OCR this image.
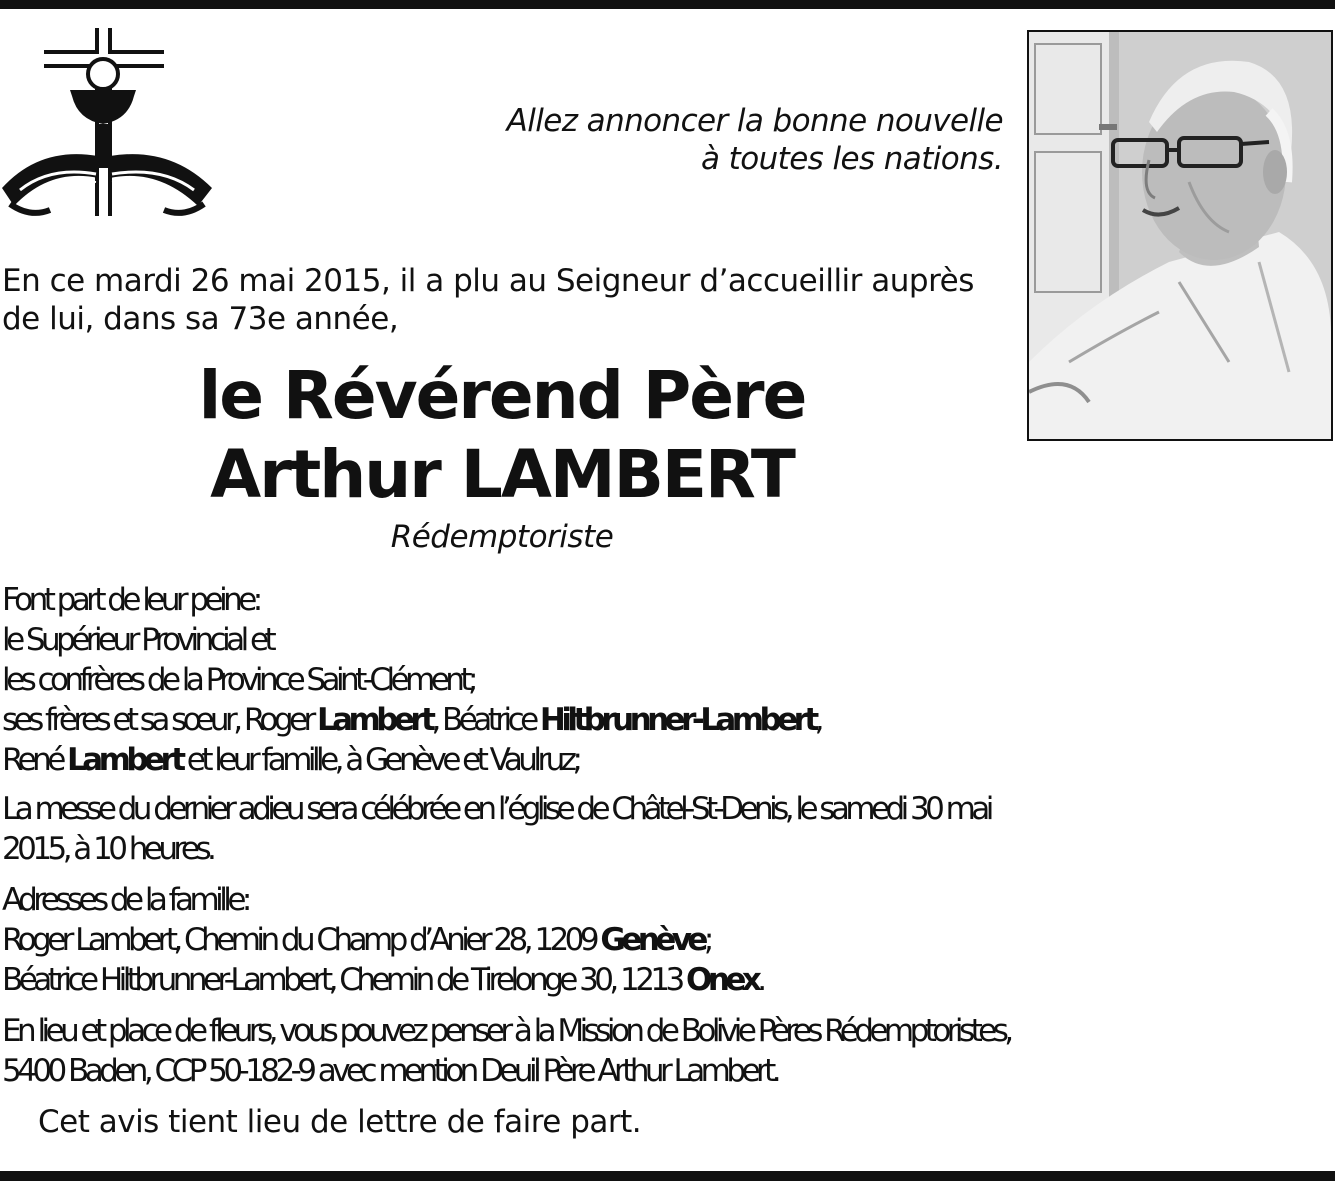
Allez annoncer la bonne nouvelle
à toutes les nations.
En ce mardi 26 mai 2015, il a plu au Seigneur d’accueillir auprès
de lui, dans sa 73e année,
le Révérend Père
Arthur LAMBERT
Rédemptoriste
Font part de leur peine:
le Supérieur Provincial et
les confrères de la Province Saint-Clément;
ses frères et sa sœur, Roger Lambert, Béatrice Hiltbrunner-Lambert,
René Lambert et leur famille, à Genève et Vaulruz;
La messe du dernier adieu sera célébrée en l’église de Châtel-St-Denis, le samedi 30 mai
2015, à 10 heures.
Adresses de la famille:
Roger Lambert, Chemin du Champ d’Anier 28, 1209 Genève;
Béatrice Hiltbrunner-Lambert, Chemin de Tirelonge 30, 1213 Onex.
En lieu et place de fleurs, vous pouvez penser à la Mission de Bolivie Pères Rédemptoristes,
5400 Baden, CCP 50-182-9 avec mention Deuil Père Arthur Lambert.
Cet avis tient lieu de lettre de faire part.
